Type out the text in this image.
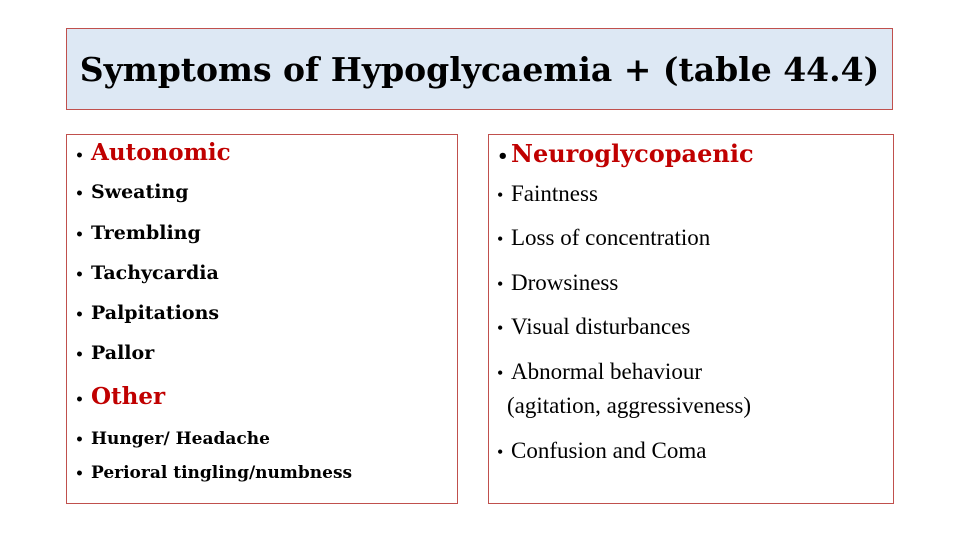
Symptoms of Hypoglycaemia + (table 44.4)
• Autonomic
• Sweating
• Trembling
• Tachycardia
• Palpitations
• Pallor
• Other
• Hunger/ Headache
• Perioral tingling/numbness
• Neuroglycopaenic
• Faintness
• Loss of concentration
• Drowsiness
• Visual disturbances
• Abnormal behaviour
(agitation, aggressiveness)
• Confusion and Coma
